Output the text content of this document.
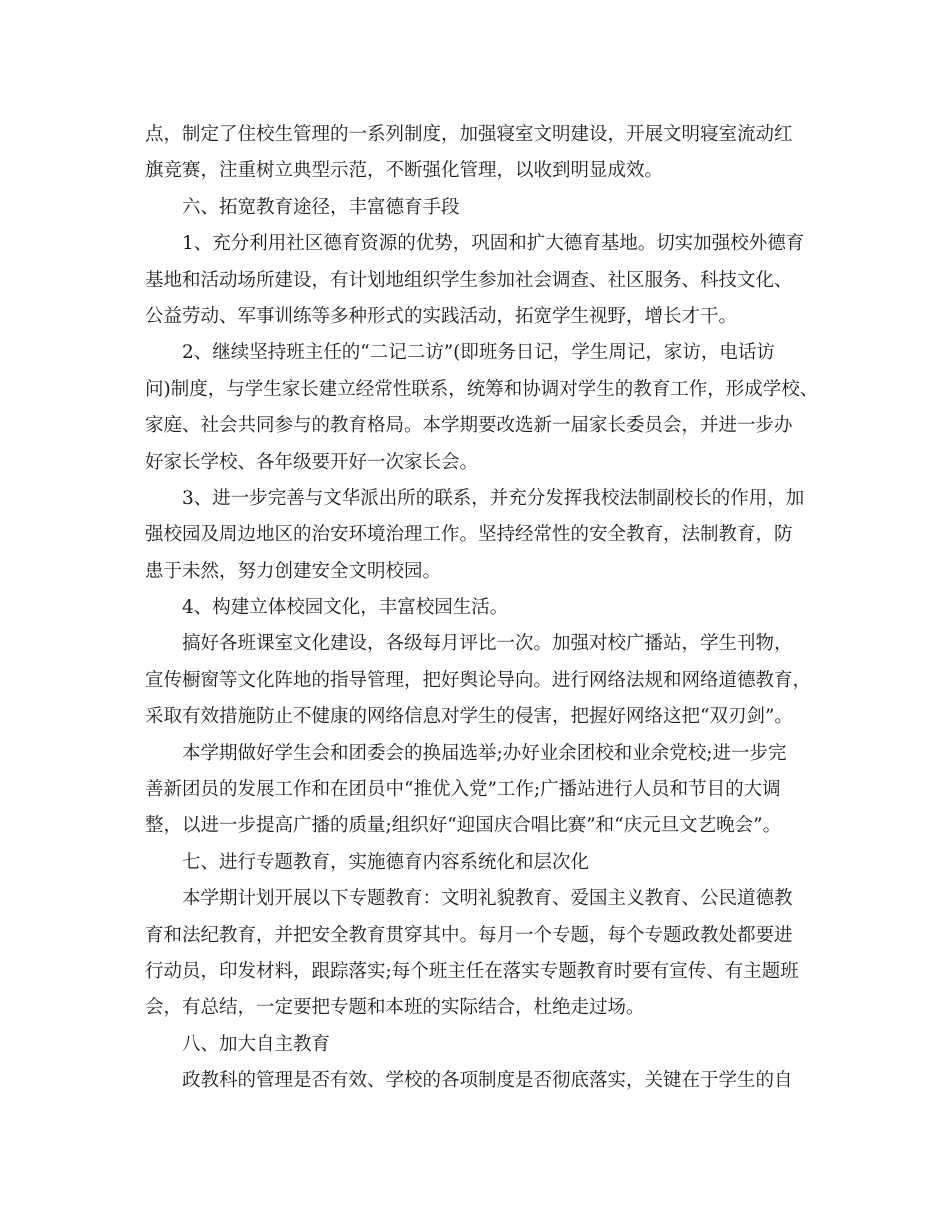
点，制定了住校生管理的一系列制度，加强寝室文明建设，开展文明寝室流动红
旗竞赛，注重树立典型示范，不断强化管理，以收到明显成效。
六、拓宽教育途径，丰富德育手段
1、充分利用社区德育资源的优势，巩固和扩大德育基地。切实加强校外德育
基地和活动场所建设，有计划地组织学生参加社会调查、社区服务、科技文化、
公益劳动、军事训练等多种形式的实践活动，拓宽学生视野，增长才干。
2、继续坚持班主任的“二记二访”(即班务日记，学生周记，家访，电话访
问)制度，与学生家长建立经常性联系，统筹和协调对学生的教育工作，形成学校、
家庭、社会共同参与的教育格局。本学期要改选新一届家长委员会，并进一步办
好家长学校、各年级要开好一次家长会。
3、进一步完善与文华派出所的联系，并充分发挥我校法制副校长的作用，加
强校园及周边地区的治安环境治理工作。坚持经常性的安全教育，法制教育，防
患于未然，努力创建安全文明校园。
4、构建立体校园文化，丰富校园生活。
搞好各班课室文化建设，各级每月评比一次。加强对校广播站，学生刊物，
宣传橱窗等文化阵地的指导管理，把好舆论导向。进行网络法规和网络道德教育，
采取有效措施防止不健康的网络信息对学生的侵害，把握好网络这把“双刃剑”。
本学期做好学生会和团委会的换届选举;办好业余团校和业余党校;进一步完
善新团员的发展工作和在团员中“推优入党”工作;广播站进行人员和节目的大调
整，以进一步提高广播的质量;组织好“迎国庆合唱比赛”和“庆元旦文艺晚会”。
七、进行专题教育，实施德育内容系统化和层次化
本学期计划开展以下专题教育：文明礼貌教育、爱国主义教育、公民道德教
育和法纪教育，并把安全教育贯穿其中。每月一个专题，每个专题政教处都要进
行动员，印发材料，跟踪落实;每个班主任在落实专题教育时要有宣传、有主题班
会，有总结，一定要把专题和本班的实际结合，杜绝走过场。
八、加大自主教育
政教科的管理是否有效、学校的各项制度是否彻底落实，关键在于学生的自
